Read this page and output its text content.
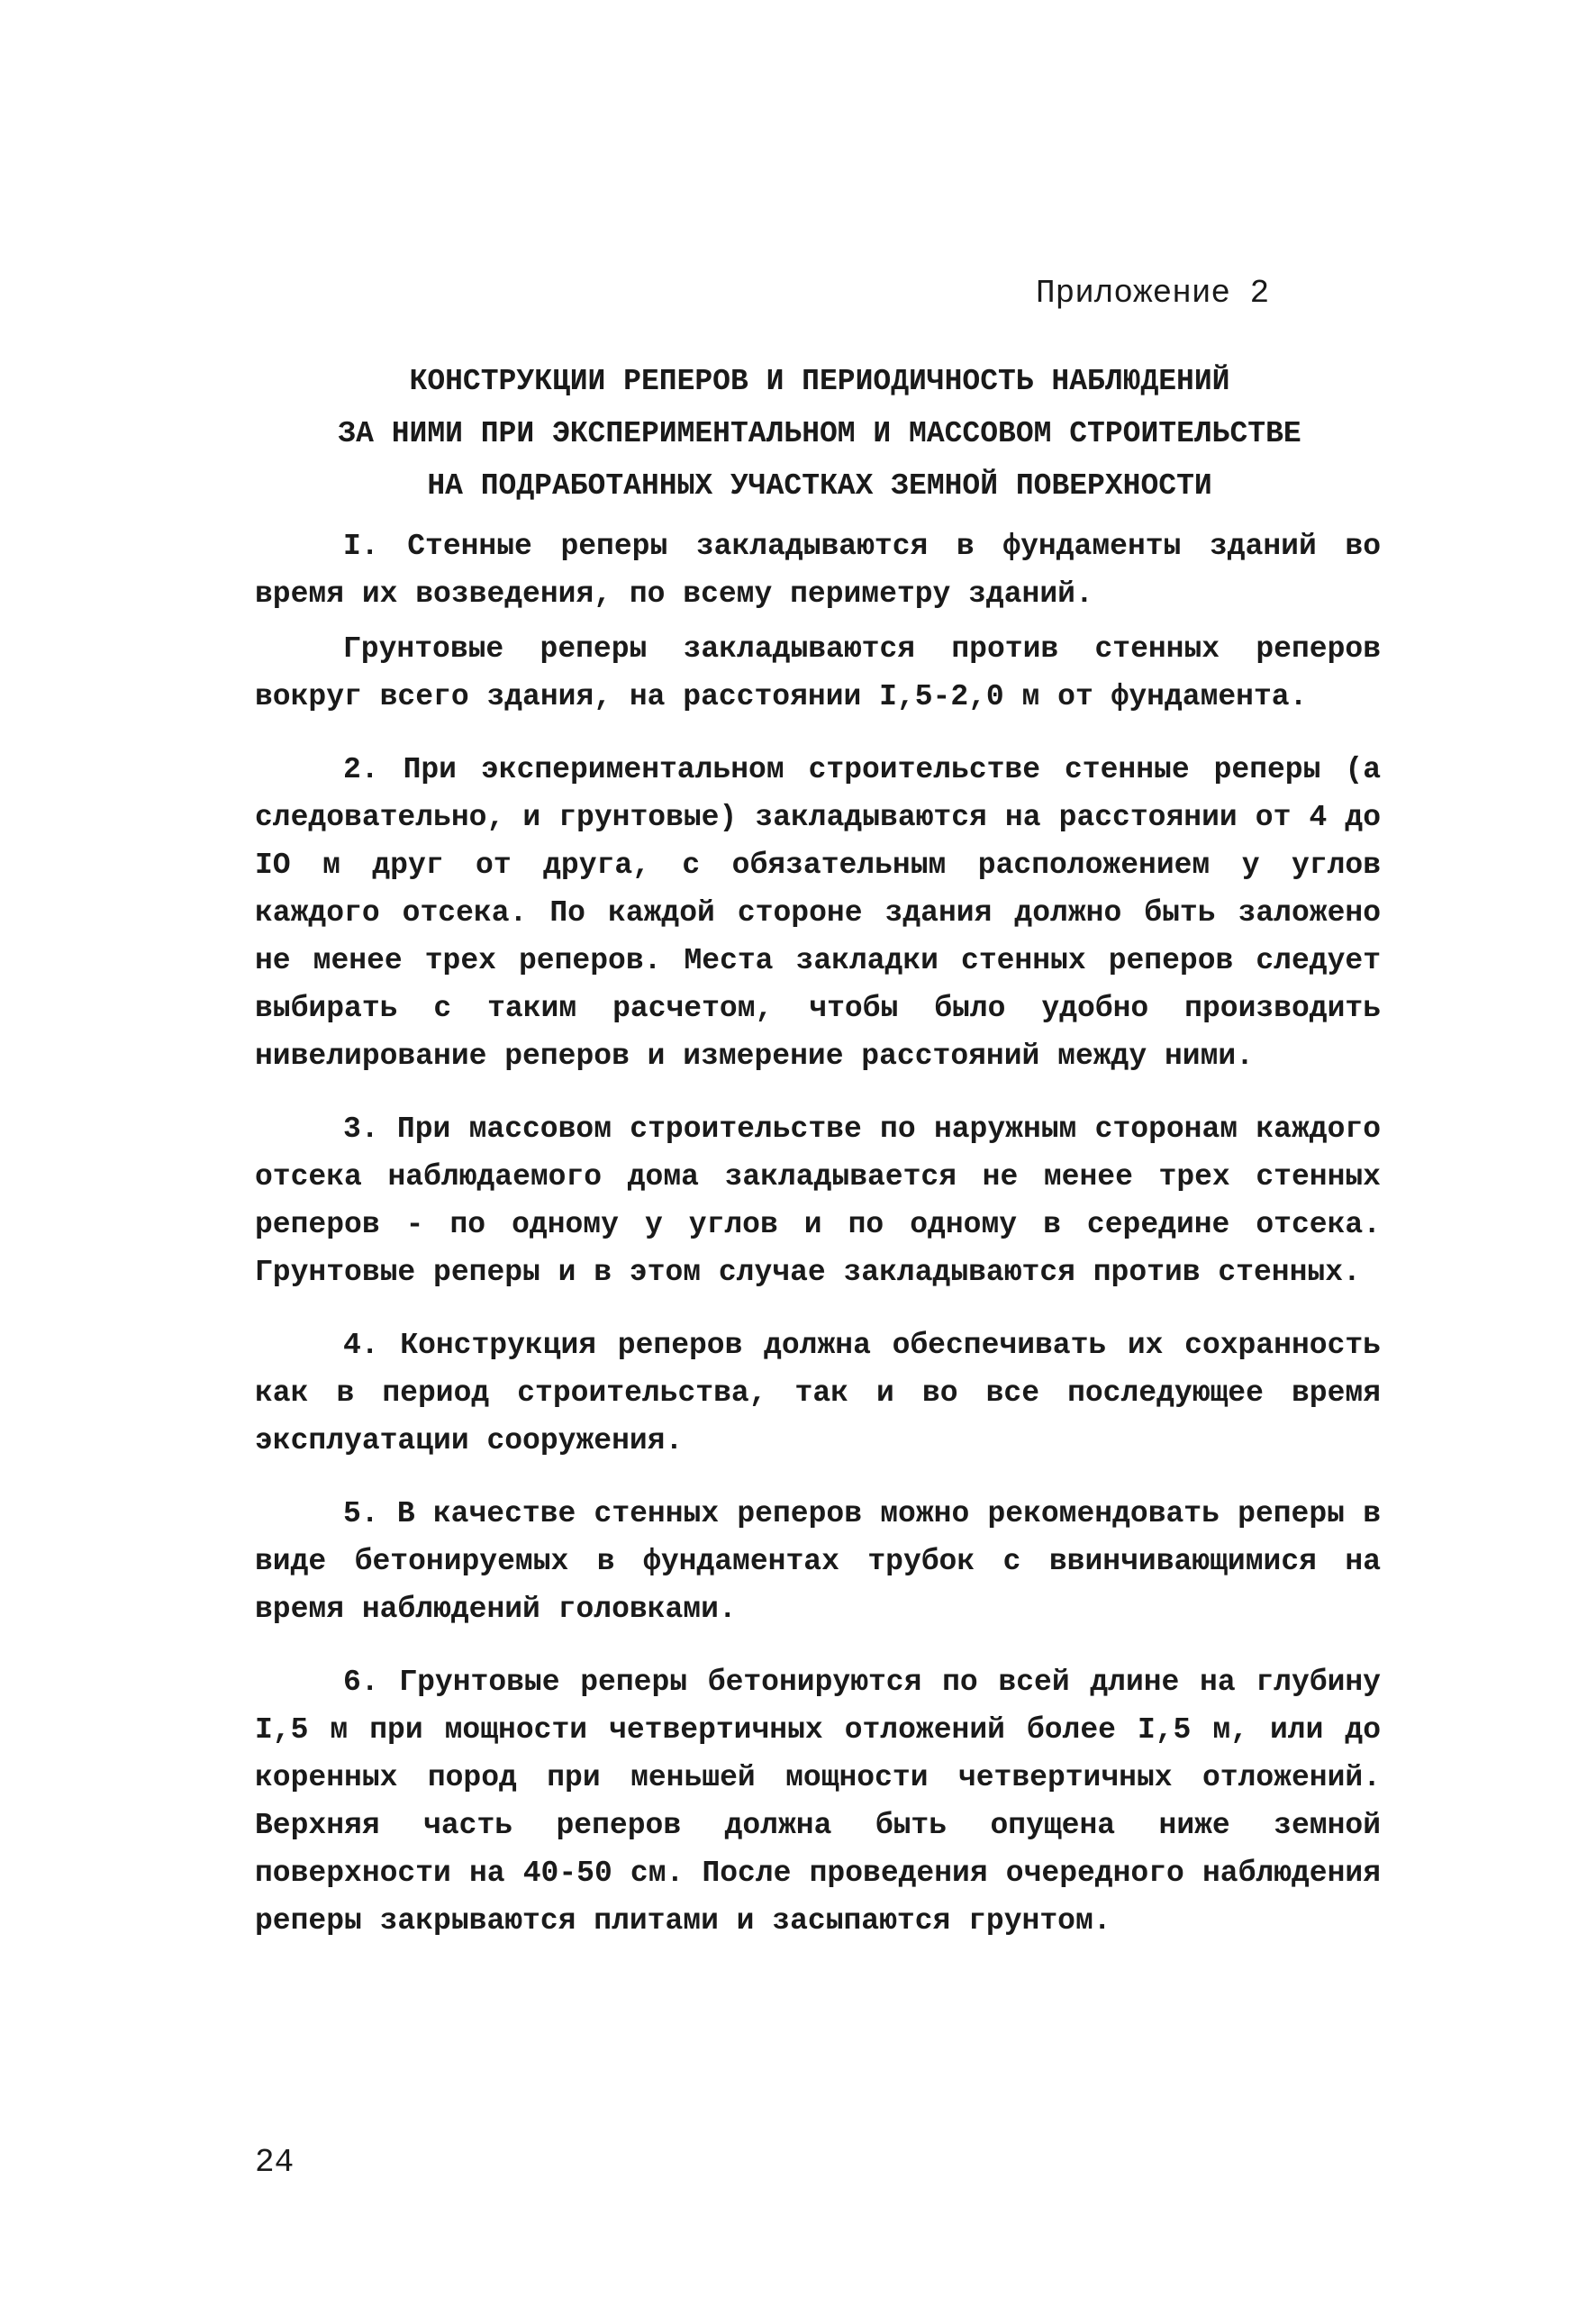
Приложение 2
КОНСТРУКЦИИ РЕПЕРОВ И ПЕРИОДИЧНОСТЬ НАБЛЮДЕНИЙ
ЗА НИМИ ПРИ ЭКСПЕРИМЕНТАЛЬНОМ И МАССОВОМ СТРОИТЕЛЬСТВЕ
НА ПОДРАБОТАННЫХ УЧАСТКАХ ЗЕМНОЙ ПОВЕРХНОСТИ

I. Стенные реперы закладываются в фундаменты зданий во время их возведения, по всему периметру зданий.

Грунтовые реперы закладываются против стенных реперов вокруг всего здания, на расстоянии I,5-2,0 м от фундамента.

2. При экспериментальном строительстве стенные реперы (а следовательно, и грунтовые) закладываются на расстоянии от 4 до IO м друг от друга, с обязательным расположением у углов каждого отсека. По каждой стороне здания должно быть заложено не менее трех реперов. Места закладки стенных реперов следует выбирать с таким расчетом, чтобы было удобно производить нивелирование реперов и измерение расстояний между ними.

3. При массовом строительстве по наружным сторонам каждого отсека наблюдаемого дома закладывается не менее трех стенных реперов - по одному у углов и по одному в середине отсека. Грунтовые реперы и в этом случае закладываются против стенных.

4. Конструкция реперов должна обеспечивать их сохранность как в период строительства, так и во все последующее время эксплуатации сооружения.

5. В качестве стенных реперов можно рекомендовать реперы в виде бетонируемых в фундаментах трубок с ввинчивающимися на время наблюдений головками.

6. Грунтовые реперы бетонируются по всей длине на глубину I,5 м при мощности четвертичных отложений более I,5 м, или до коренных пород при меньшей мощности четвертичных отложений. Верхняя часть реперов должна быть опущена ниже земной поверхности на 40-50 см. После проведения очередного наблюдения реперы закрываются плитами и засыпаются грунтом.

24
